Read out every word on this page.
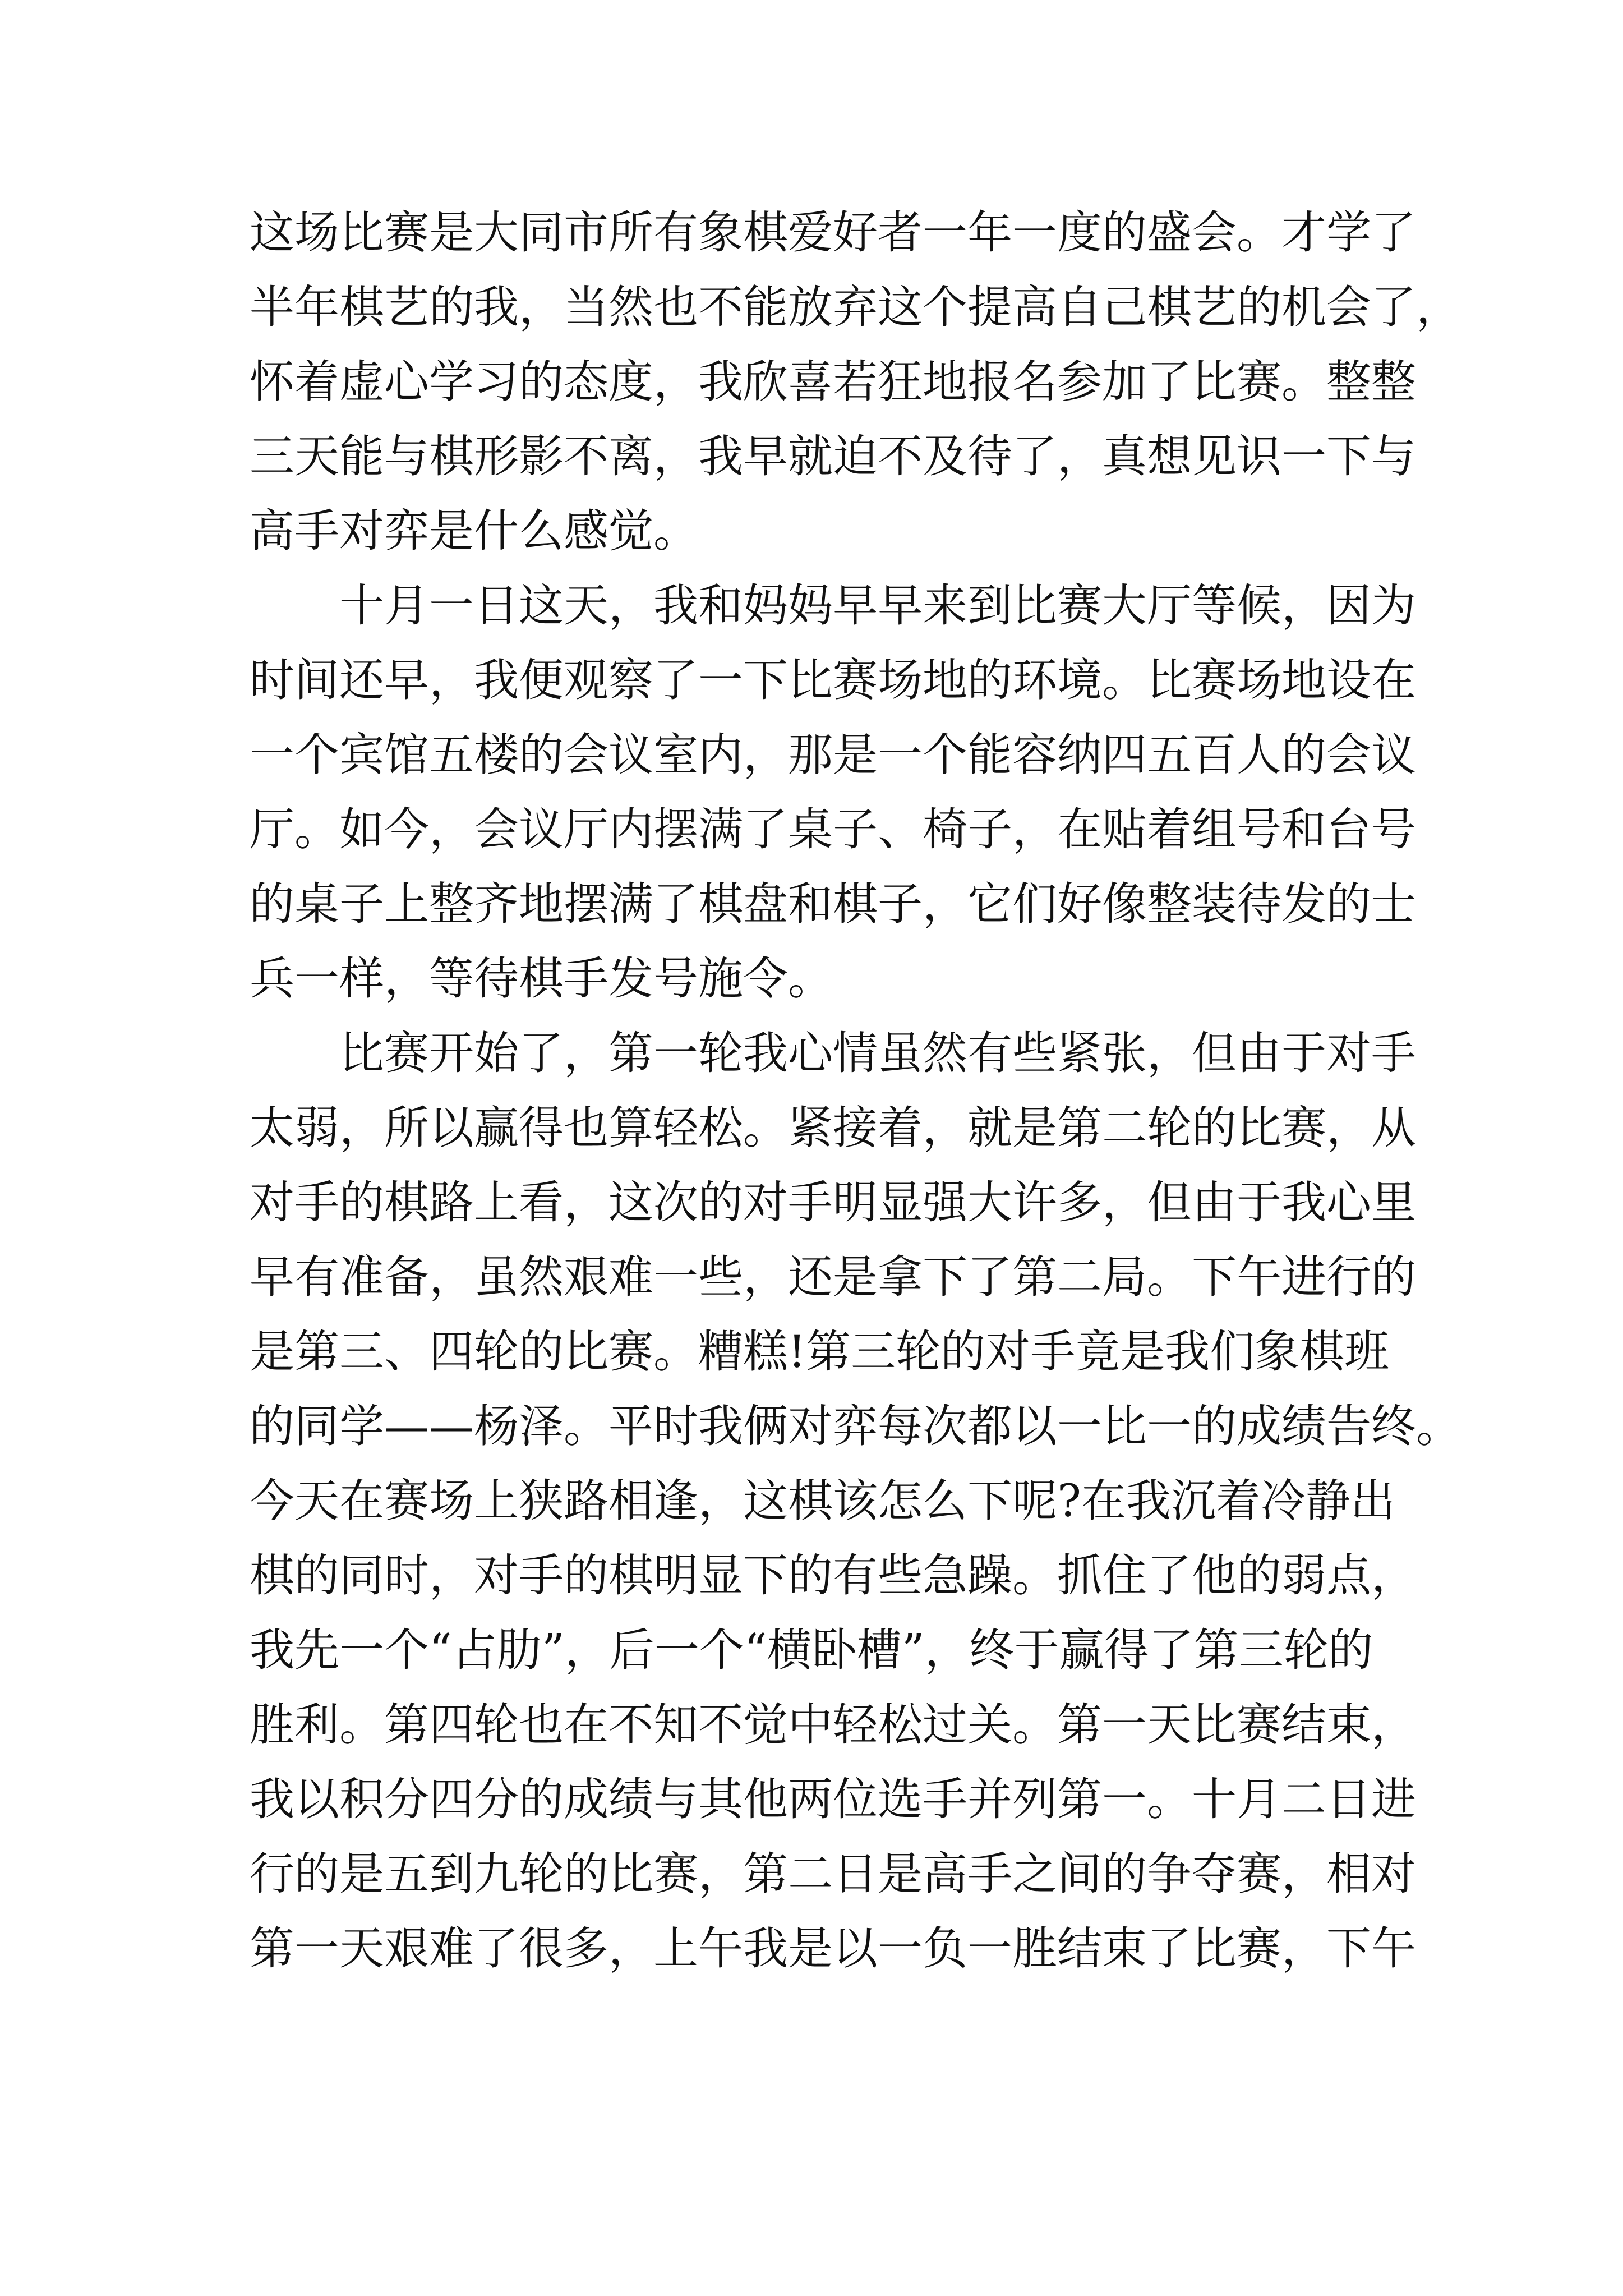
这场比赛是大同市所有象棋爱好者一年一度的盛会。才学了
半年棋艺的我，当然也不能放弃这个提高自己棋艺的机会了，
怀着虚心学习的态度，我欣喜若狂地报名参加了比赛。整整
三天能与棋形影不离，我早就迫不及待了，真想见识一下与
高手对弈是什么感觉。
　　十月一日这天，我和妈妈早早来到比赛大厅等候，因为
时间还早，我便观察了一下比赛场地的环境。比赛场地设在
一个宾馆五楼的会议室内，那是一个能容纳四五百人的会议
厅。如今，会议厅内摆满了桌子、椅子，在贴着组号和台号
的桌子上整齐地摆满了棋盘和棋子，它们好像整装待发的士
兵一样，等待棋手发号施令。
　　比赛开始了，第一轮我心情虽然有些紧张，但由于对手
太弱，所以赢得也算轻松。紧接着，就是第二轮的比赛，从
对手的棋路上看，这次的对手明显强大许多，但由于我心里
早有准备，虽然艰难一些，还是拿下了第二局。下午进行的
是第三、四轮的比赛。糟糕!第三轮的对手竟是我们象棋班
的同学——杨泽。平时我俩对弈每次都以一比一的成绩告终。
今天在赛场上狭路相逢，这棋该怎么下呢?在我沉着冷静出
棋的同时，对手的棋明显下的有些急躁。抓住了他的弱点，
我先一个“占肋”，后一个“横卧槽”，终于赢得了第三轮的
胜利。第四轮也在不知不觉中轻松过关。第一天比赛结束，
我以积分四分的成绩与其他两位选手并列第一。十月二日进
行的是五到九轮的比赛，第二日是高手之间的争夺赛，相对
第一天艰难了很多，上午我是以一负一胜结束了比赛，下午
